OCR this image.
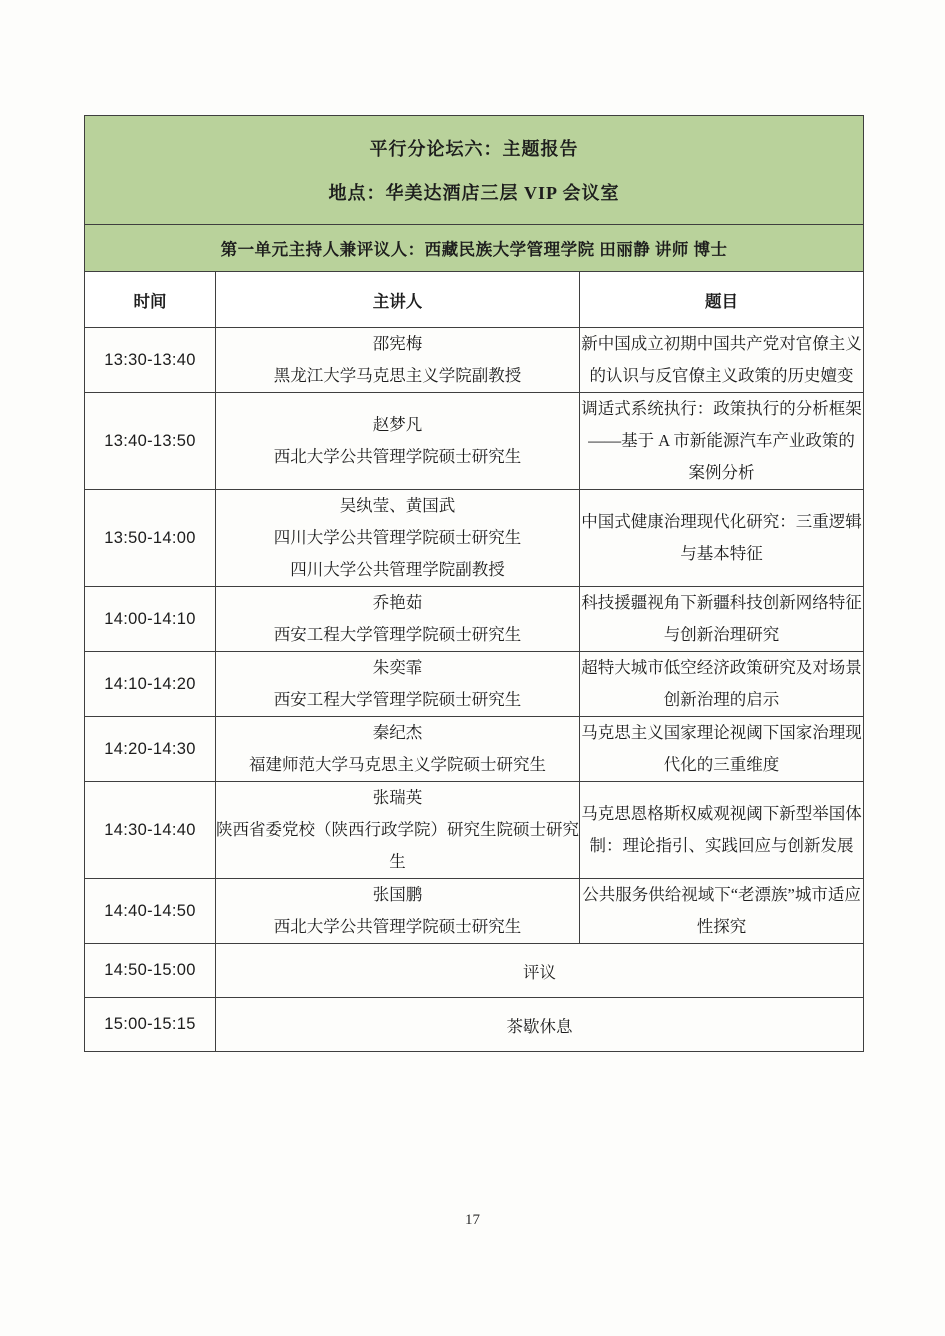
平行分论坛六：主题报告
地点：华美达酒店三层 VIP 会议室		

第一单元主持人兼评议人：西藏民族大学管理学院 田丽静 讲师 博士		
时间	主讲人	题目
13:30-13:40	邵宪梅
黑龙江大学马克思主义学院副教授	新中国成立初期中国共产党对官僚主义的认识与反官僚主义政策的历史嬗变
13:40-13:50	赵梦凡
西北大学公共管理学院硕士研究生	调适式系统执行：政策执行的分析框架——基于 A 市新能源汽车产业政策的案例分析
13:50-14:00	吴纨莹、黄国武
四川大学公共管理学院硕士研究生
四川大学公共管理学院副教授	中国式健康治理现代化研究：三重逻辑与基本特征
14:00-14:10	乔艳茹
西安工程大学管理学院硕士研究生	科技援疆视角下新疆科技创新网络特征与创新治理研究
14:10-14:20	朱奕霏
西安工程大学管理学院硕士研究生	超特大城市低空经济政策研究及对场景创新治理的启示
14:20-14:30	秦纪杰
福建师范大学马克思主义学院硕士研究生	马克思主义国家理论视阈下国家治理现代化的三重维度
14:30-14:40	张瑞英
陕西省委党校（陕西行政学院）研究生院硕士研究生	马克思恩格斯权威观视阈下新型举国体制：理论指引、实践回应与创新发展
14:40-14:50	张国鹏
西北大学公共管理学院硕士研究生	公共服务供给视域下“老漂族”城市适应性探究
14:50-15:00	评议	
15:00-15:15	茶歇休息	
17
